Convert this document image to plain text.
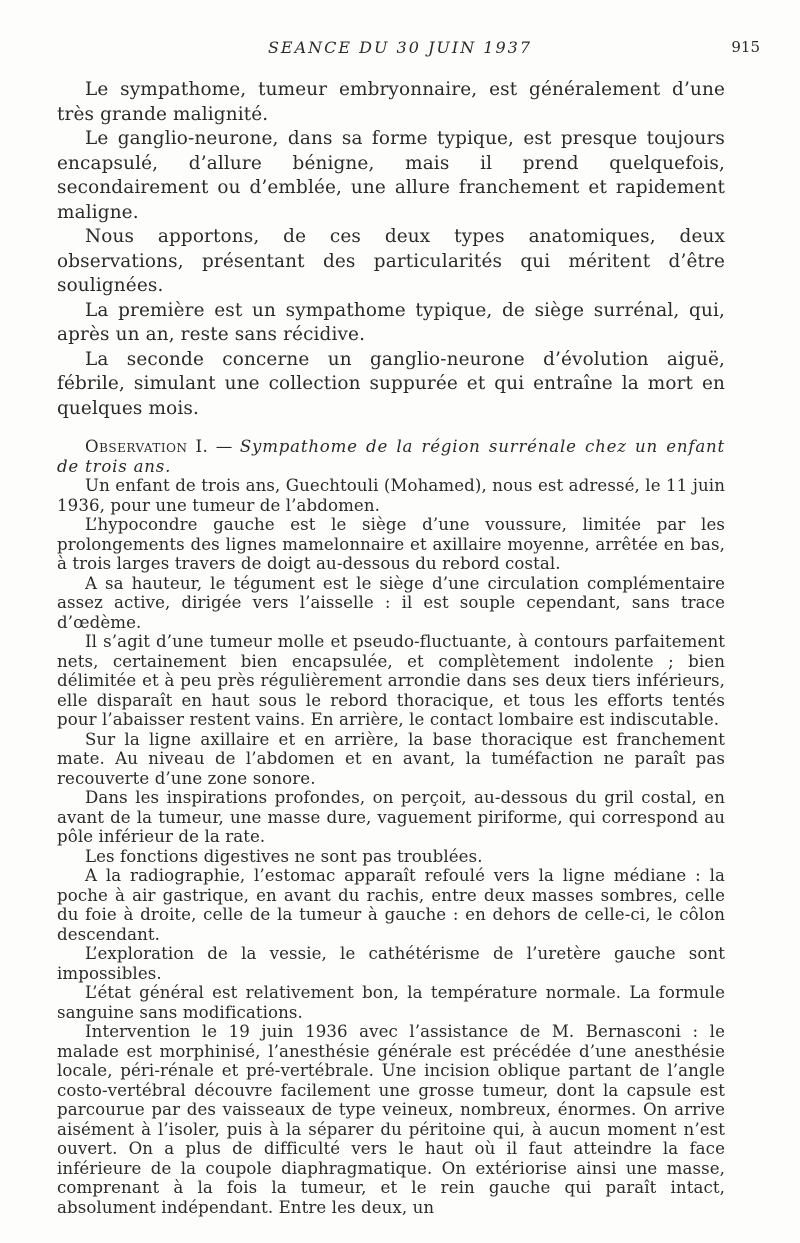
SEANCE DU 30 JUIN 1937	915

Le sympathome, tumeur embryonnaire, est généralement d’une très grande malignité.

Le ganglio-neurone, dans sa forme typique, est presque toujours encapsulé, d’allure bénigne, mais il prend quelquefois, secondairement ou d’emblée, une allure franchement et rapidement maligne.

Nous apportons, de ces deux types anatomiques, deux observations, présentant des particularités qui méritent d’être soulignées.

La première est un sympathome typique, de siège surrénal, qui, après un an, reste sans récidive.

La seconde concerne un ganglio-neurone d’évolution aiguë, fébrile, simulant une collection suppurée et qui entraîne la mort en quelques mois.

Observation I. — Sympathome de la région surrénale chez un enfant de trois ans.

Un enfant de trois ans, Guechtouli (Mohamed), nous est adressé, le 11 juin 1936, pour une tumeur de l’abdomen.

L’hypocondre gauche est le siège d’une voussure, limitée par les prolongements des lignes mamelonnaire et axillaire moyenne, arrêtée en bas, à trois larges travers de doigt au-dessous du rebord costal.

A sa hauteur, le tégument est le siège d’une circulation complémentaire assez active, dirigée vers l’aisselle : il est souple cependant, sans trace d’œdème.

Il s’agit d’une tumeur molle et pseudo-fluctuante, à contours parfaitement nets, certainement bien encapsulée, et complètement indolente ; bien délimitée et à peu près régulièrement arrondie dans ses deux tiers inférieurs, elle disparaît en haut sous le rebord thoracique, et tous les efforts tentés pour l’abaisser restent vains. En arrière, le contact lombaire est indiscutable.

Sur la ligne axillaire et en arrière, la base thoracique est franchement mate. Au niveau de l’abdomen et en avant, la tuméfaction ne paraît pas recouverte d’une zone sonore.

Dans les inspirations profondes, on perçoit, au-dessous du gril costal, en avant de la tumeur, une masse dure, vaguement piriforme, qui correspond au pôle inférieur de la rate.

Les fonctions digestives ne sont pas troublées.

A la radiographie, l’estomac apparaît refoulé vers la ligne médiane : la poche à air gastrique, en avant du rachis, entre deux masses sombres, celle du foie à droite, celle de la tumeur à gauche : en dehors de celle-ci, le côlon descendant.

L’exploration de la vessie, le cathétérisme de l’uretère gauche sont impossibles.

L’état général est relativement bon, la température normale. La formule sanguine sans modifications.

Intervention le 19 juin 1936 avec l’assistance de M. Bernasconi : le malade est morphinisé, l’anesthésie générale est précédée d’une anesthésie locale, péri-rénale et pré-vertébrale. Une incision oblique partant de l’angle costo-vertébral découvre facilement une grosse tumeur, dont la capsule est parcourue par des vaisseaux de type veineux, nombreux, énormes. On arrive aisément à l’isoler, puis à la séparer du péritoine qui, à aucun moment n’est ouvert. On a plus de difficulté vers le haut où il faut atteindre la face inférieure de la coupole diaphragmatique. On extériorise ainsi une masse, comprenant à la fois la tumeur, et le rein gauche qui paraît intact, absolument indépendant. Entre les deux, un
